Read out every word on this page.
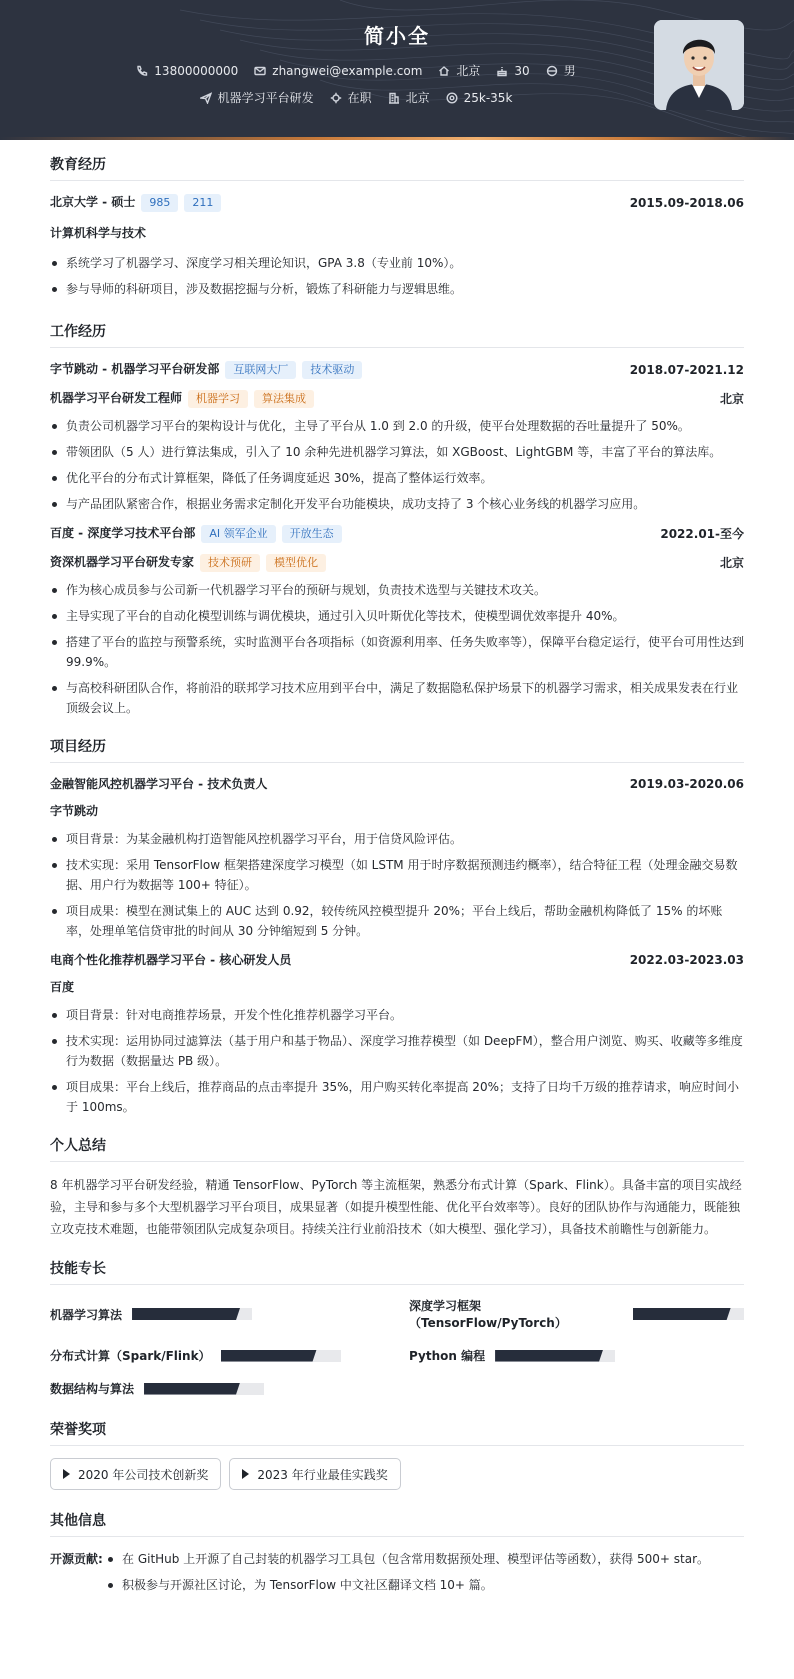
简小全
13800000000	zhangwei@example.com	北京	30	男
机器学习平台研发	在职	北京	25k-35k
教育经历
北京大学 - 硕士 985 211	2015.09-2018.06
计算机科学与技术
系统学习了机器学习、深度学习相关理论知识，GPA 3.8（专业前 10%）。
参与导师的科研项目，涉及数据挖掘与分析，锻炼了科研能力与逻辑思维。
工作经历
字节跳动 - 机器学习平台研发部 互联网大厂 技术驱动	2018.07-2021.12
机器学习平台研发工程师 机器学习 算法集成	北京
负责公司机器学习平台的架构设计与优化，主导了平台从 1.0 到 2.0 的升级，使平台处理数据的吞吐量提升了 50%。
带领团队（5 人）进行算法集成，引入了 10 余种先进机器学习算法，如 XGBoost、LightGBM 等，丰富了平台的算法库。
优化平台的分布式计算框架，降低了任务调度延迟 30%，提高了整体运行效率。
与产品团队紧密合作，根据业务需求定制化开发平台功能模块，成功支持了 3 个核心业务线的机器学习应用。
百度 - 深度学习技术平台部 AI 领军企业 开放生态	2022.01-至今
资深机器学习平台研发专家 技术预研 模型优化	北京
作为核心成员参与公司新一代机器学习平台的预研与规划，负责技术选型与关键技术攻关。
主导实现了平台的自动化模型训练与调优模块，通过引入贝叶斯优化等技术，使模型调优效率提升 40%。
搭建了平台的监控与预警系统，实时监测平台各项指标（如资源利用率、任务失败率等），保障平台稳定运行，使平台可用性达到 99.9%。
与高校科研团队合作，将前沿的联邦学习技术应用到平台中，满足了数据隐私保护场景下的机器学习需求，相关成果发表在行业顶级会议上。
项目经历
金融智能风控机器学习平台 - 技术负责人	2019.03-2020.06
字节跳动
项目背景：为某金融机构打造智能风控机器学习平台，用于信贷风险评估。
技术实现：采用 TensorFlow 框架搭建深度学习模型（如 LSTM 用于时序数据预测违约概率），结合特征工程（处理金融交易数据、用户行为数据等 100+ 特征）。
项目成果：模型在测试集上的 AUC 达到 0.92，较传统风控模型提升 20%；平台上线后，帮助金融机构降低了 15% 的坏账率，处理单笔信贷审批的时间从 30 分钟缩短到 5 分钟。
电商个性化推荐机器学习平台 - 核心研发人员	2022.03-2023.03
百度
项目背景：针对电商推荐场景，开发个性化推荐机器学习平台。
技术实现：运用协同过滤算法（基于用户和基于物品）、深度学习推荐模型（如 DeepFM），整合用户浏览、购买、收藏等多维度行为数据（数据量达 PB 级）。
项目成果：平台上线后，推荐商品的点击率提升 35%，用户购买转化率提高 20%；支持了日均千万级的推荐请求，响应时间小于 100ms。
个人总结
8 年机器学习平台研发经验，精通 TensorFlow、PyTorch 等主流框架，熟悉分布式计算（Spark、Flink）。具备丰富的项目实战经验，主导和参与多个大型机器学习平台项目，成果显著（如提升模型性能、优化平台效率等）。良好的团队协作与沟通能力，既能独立攻克技术难题，也能带领团队完成复杂项目。持续关注行业前沿技术（如大模型、强化学习），具备技术前瞻性与创新能力。
技能专长
机器学习算法
深度学习框架（TensorFlow/PyTorch）
分布式计算（Spark/Flink）	Python 编程
数据结构与算法
荣誉奖项
2020 年公司技术创新奖	2023 年行业最佳实践奖
其他信息
开源贡献:	在 GitHub 上开源了自己封装的机器学习工具包（包含常用数据预处理、模型评估等函数），获得 500+ star。
积极参与开源社区讨论，为 TensorFlow 中文社区翻译文档 10+ 篇。
